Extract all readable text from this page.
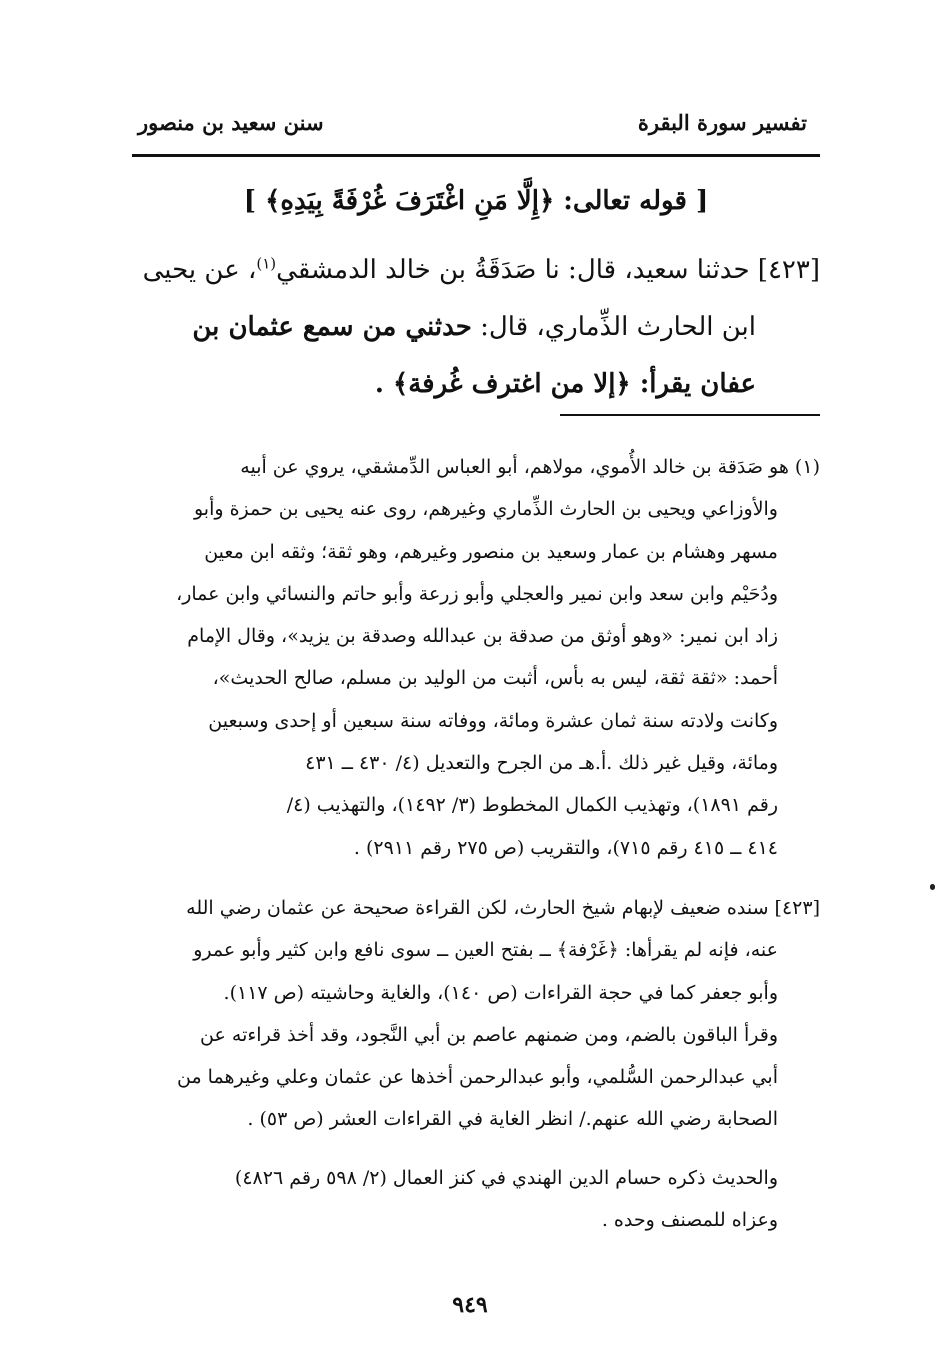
تفسير سورة البقرة
سنن سعيد بن منصور
[ قوله تعالى: ﴿إِلَّا مَنِ اغْتَرَفَ غُرْفَةً بِيَدِهِ﴾ ]

[٤٢٣] حدثنا سعيد، قال: نا صَدَقَةُ بن خالد الدمشقي$^{(١)}$، عن يحيى

ابن الحارث الذِّماري، قال: حدثني من سمع عثمان بن

عفان يقرأ: ﴿إلا من اغترف غُرفة﴾ .

(١) هو صَدَقة بن خالد الأُموي، مولاهم، أبو العباس الدِّمشقي، يروي عن أبيه
والأوزاعي ويحيى بن الحارث الذِّماري وغيرهم، روى عنه يحيى بن حمزة وأبو
مسهر وهشام بن عمار وسعيد بن منصور وغيرهم، وهو ثقة؛ وثقه ابن معين
ودُحَيْم وابن سعد وابن نمير والعجلي وأبو زرعة وأبو حاتم والنسائي وابن عمار،
زاد ابن نمير: «وهو أوثق من صدقة بن عبدالله وصدقة بن يزيد»، وقال الإمام
أحمد: «ثقة ثقة، ليس به بأس، أثبت من الوليد بن مسلم، صالح الحديث»،
وكانت ولادته سنة ثمان عشرة ومائة، ووفاته سنة سبعين أو إحدى وسبعين
ومائة، وقيل غير ذلك .أ.هـ من الجرح والتعديل (٤/ ٤٣٠ ــ ٤٣١
رقم ١٨٩١)، وتهذيب الكمال المخطوط (٣/ ١٤٩٢)، والتهذيب (٤/
٤١٤ ــ ٤١٥ رقم ٧١٥)، والتقريب (ص ٢٧٥ رقم ٢٩١١) .
[٤٢٣] سنده ضعيف لإبهام شيخ الحارث، لكن القراءة صحيحة عن عثمان رضي الله
عنه، فإنه لم يقرأها: ﴿غَرْفة﴾ ــ بفتح العين ــ سوى نافع وابن كثير وأبو عمرو
وأبو جعفر كما في حجة القراءات (ص ١٤٠)، والغاية وحاشيته (ص ١١٧).
وقرأ الباقون بالضم، ومن ضمنهم عاصم بن أبي النَّجود، وقد أخذ قراءته عن
أبي عبدالرحمن السُّلمي، وأبو عبدالرحمن أخذها عن عثمان وعلي وغيرهما من
الصحابة رضي الله عنهم./ انظر الغاية في القراءات العشر (ص ٥٣) .
والحديث ذكره حسام الدين الهندي في كنز العمال (٢/ ٥٩٨ رقم ٤٨٢٦)
وعزاه للمصنف وحده .
٩٤٩
